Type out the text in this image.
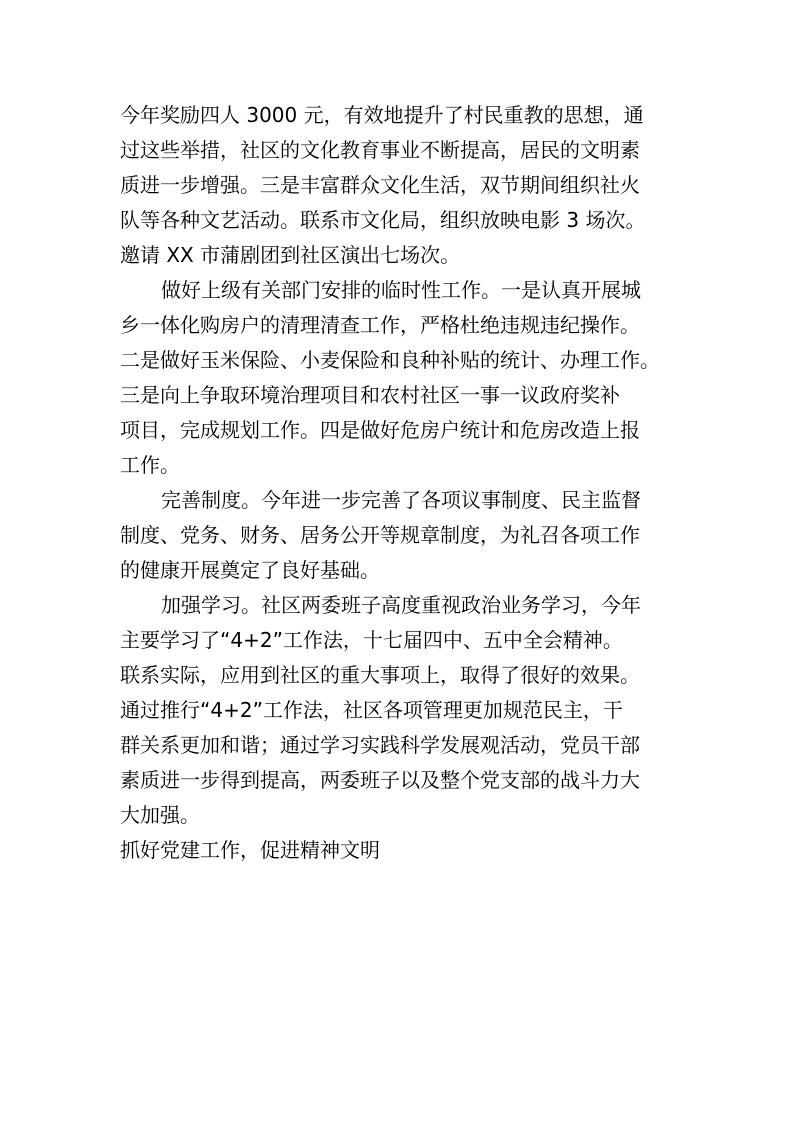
今年奖励四人 3000 元，有效地提升了村民重教的思想，通
过这些举措，社区的文化教育事业不断提高，居民的文明素
质进一步增强。三是丰富群众文化生活，双节期间组织社火
队等各种文艺活动。联系市文化局，组织放映电影 3 场次。
邀请 XX 市蒲剧团到社区演出七场次。
做好上级有关部门安排的临时性工作。一是认真开展城
乡一体化购房户的清理清查工作，严格杜绝违规违纪操作。
二是做好玉米保险、小麦保险和良种补贴的统计、办理工作。
三是向上争取环境治理项目和农村社区一事一议政府奖补
项目，完成规划工作。四是做好危房户统计和危房改造上报
工作。
完善制度。今年进一步完善了各项议事制度、民主监督
制度、党务、财务、居务公开等规章制度，为礼召各项工作
的健康开展奠定了良好基础。
加强学习。社区两委班子高度重视政治业务学习，今年
主要学习了“4+2”工作法，十七届四中、五中全会精神。
联系实际，应用到社区的重大事项上，取得了很好的效果。
通过推行“4+2”工作法，社区各项管理更加规范民主，干
群关系更加和谐；通过学习实践科学发展观活动，党员干部
素质进一步得到提高，两委班子以及整个党支部的战斗力大
大加强。
抓好党建工作，促进精神文明
